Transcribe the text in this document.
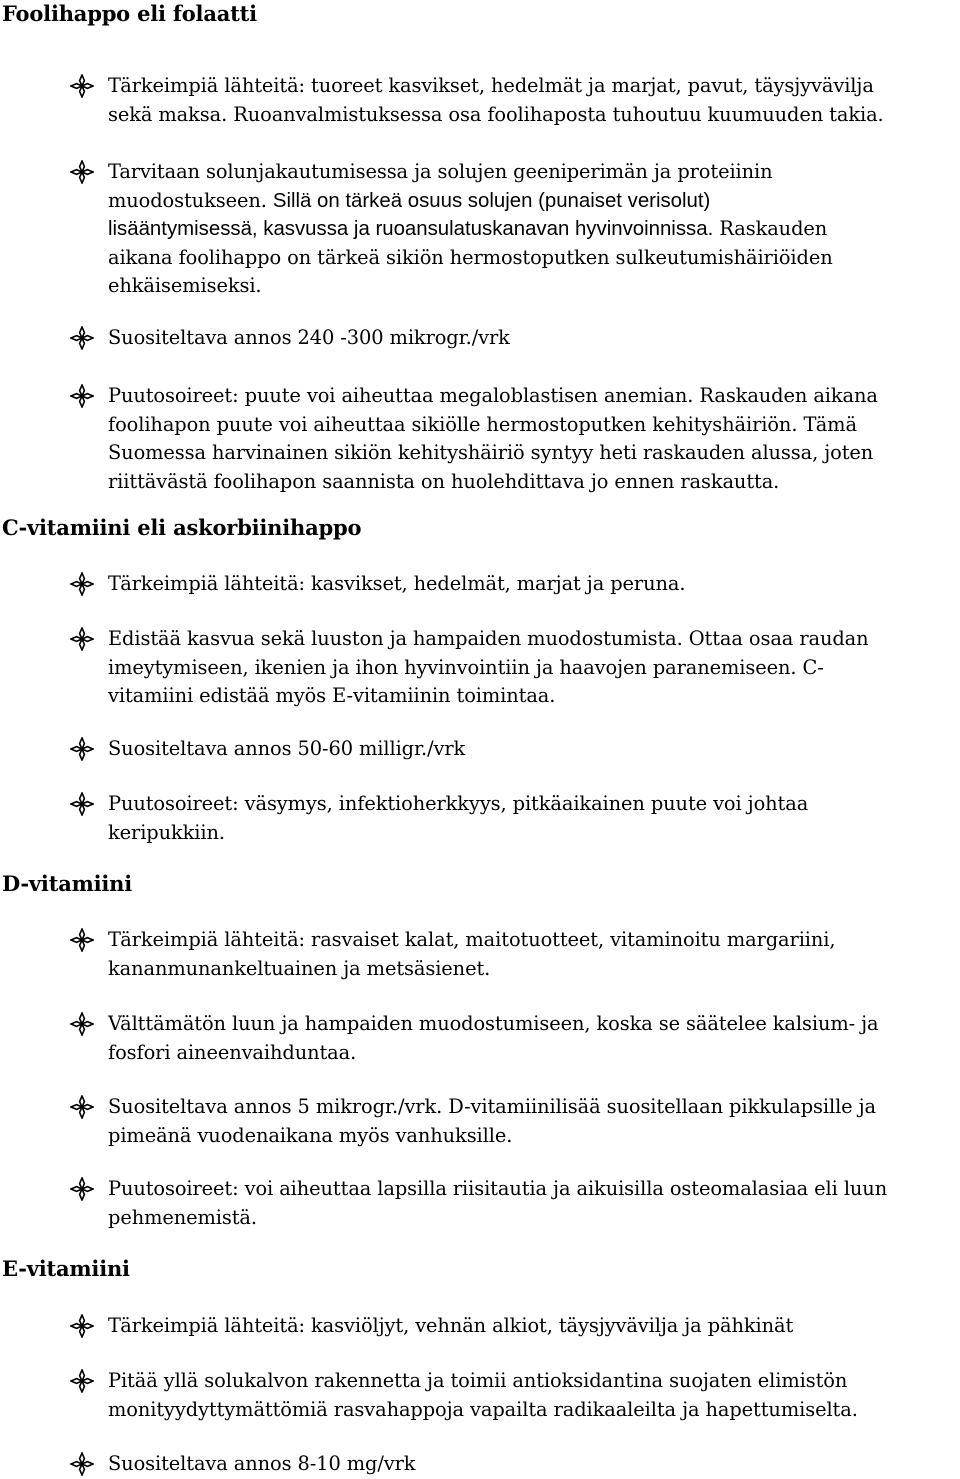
Foolihappo eli folaatti

Tärkeimpiä lähteitä: tuoreet kasvikset, hedelmät ja marjat, pavut, täysjyvävilja
sekä maksa. Ruoanvalmistuksessa osa foolihaposta tuhoutuu kuumuuden takia.

Tarvitaan solunjakautumisessa ja solujen geeniperimän ja proteiinin
muodostukseen. Sillä on tärkeä osuus solujen (punaiset verisolut)
lisääntymisessä, kasvussa ja ruoansulatuskanavan hyvinvoinnissa. Raskauden
aikana foolihappo on tärkeä sikiön hermostoputken sulkeutumishäiriöiden
ehkäisemiseksi.

Suositeltava annos 240 -300 mikrogr./vrk

Puutosoireet: puute voi aiheuttaa megaloblastisen anemian. Raskauden aikana
foolihapon puute voi aiheuttaa sikiölle hermostoputken kehityshäiriön. Tämä
Suomessa harvinainen sikiön kehityshäiriö syntyy heti raskauden alussa, joten
riittävästä foolihapon saannista on huolehdittava jo ennen raskautta.

C-vitamiini eli askorbiinihappo

Tärkeimpiä lähteitä: kasvikset, hedelmät, marjat ja peruna.

Edistää kasvua sekä luuston ja hampaiden muodostumista. Ottaa osaa raudan
imeytymiseen, ikenien ja ihon hyvinvointiin ja haavojen paranemiseen. C-
vitamiini edistää myös E-vitamiinin toimintaa.

Suositeltava annos 50-60 milligr./vrk

Puutosoireet: väsymys, infektioherkkyys, pitkäaikainen puute voi johtaa
keripukkiin.

D-vitamiini

Tärkeimpiä lähteitä: rasvaiset kalat, maitotuotteet, vitaminoitu margariini,
kananmunankeltuainen ja metsäsienet.

Välttämätön luun ja hampaiden muodostumiseen, koska se säätelee kalsium- ja
fosfori aineenvaihduntaa.

Suositeltava annos 5 mikrogr./vrk. D-vitamiinilisää suositellaan pikkulapsille ja
pimeänä vuodenaikana myös vanhuksille.

Puutosoireet: voi aiheuttaa lapsilla riisitautia ja aikuisilla osteomalasiaa eli luun
pehmenemistä.

E-vitamiini

Tärkeimpiä lähteitä: kasviöljyt, vehnän alkiot, täysjyvävilja ja pähkinät

Pitää yllä solukalvon rakennetta ja toimii antioksidantina suojaten elimistön
monityydyttymättömiä rasvahappoja vapailta radikaaleilta ja hapettumiselta.

Suositeltava annos 8-10 mg/vrk
